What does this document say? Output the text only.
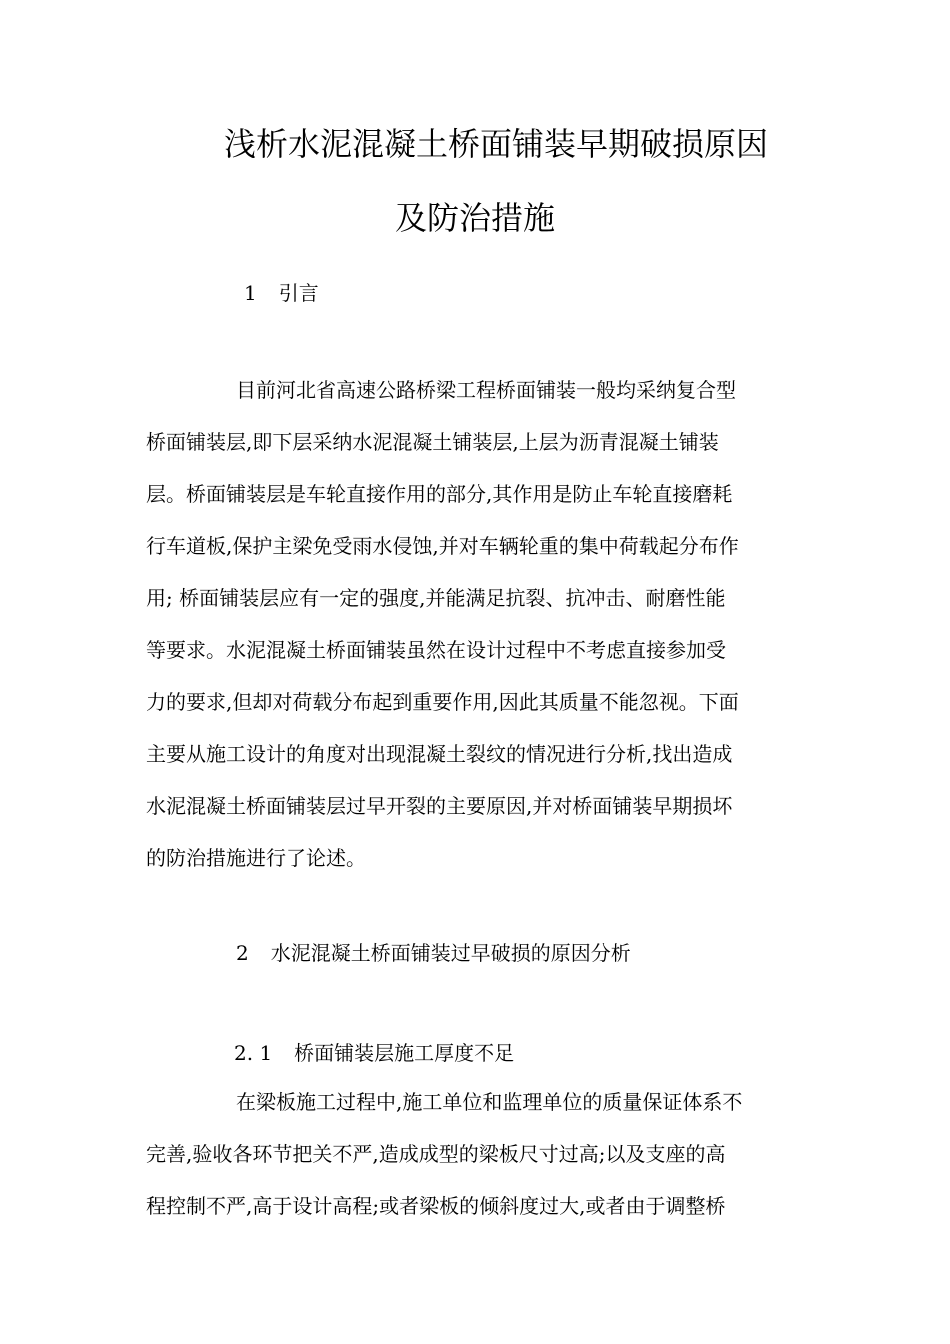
浅析水泥混凝土桥面铺装早期破损原因
及防治措施
1 引言
目前河北省高速公路桥梁工程桥面铺装一般均采纳复合型
桥面铺装层,即下层采纳水泥混凝土铺装层,上层为沥青混凝土铺装
层。桥面铺装层是车轮直接作用的部分,其作用是防止车轮直接磨耗
行车道板,保护主梁免受雨水侵蚀,并对车辆轮重的集中荷载起分布作
用; 桥面铺装层应有一定的强度,并能满足抗裂、抗冲击、耐磨性能
等要求。水泥混凝土桥面铺装虽然在设计过程中不考虑直接参加受
力的要求,但却对荷载分布起到重要作用,因此其质量不能忽视。下面
主要从施工设计的角度对出现混凝土裂纹的情况进行分析,找出造成
水泥混凝土桥面铺装层过早开裂的主要原因,并对桥面铺装早期损坏
的防治措施进行了论述。
2 水泥混凝土桥面铺装过早破损的原因分析
2. 1 桥面铺装层施工厚度不足
在梁板施工过程中,施工单位和监理单位的质量保证体系不
完善,验收各环节把关不严,造成成型的梁板尺寸过高;以及支座的高
程控制不严,高于设计高程;或者梁板的倾斜度过大,或者由于调整桥
